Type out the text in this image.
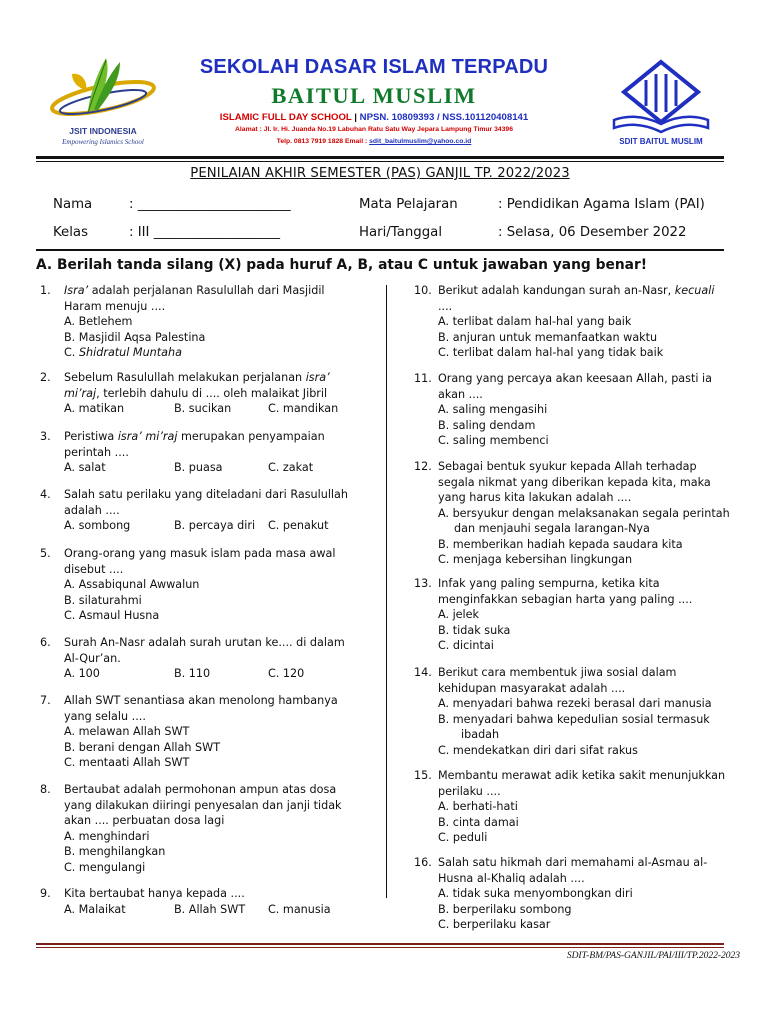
JSIT INDONESIA
Empowering Islamics School
SEKOLAH DASAR ISLAM TERPADU
BAITUL MUSLIM
ISLAMIC FULL DAY SCHOOL | NPSN. 10809393 / NSS.101120408141
Alamat : Jl. Ir. Hi. Juanda No.19 Labuhan Ratu Satu Way Jepara Lampung Timur 34396
Telp. 0813 7919 1828 Email : sdit_baitulmuslim@yahoo.co.id	SDIT BAITUL MUSLIM
PENILAIAN AKHIR SEMESTER (PAS) GANJIL TP. 2022/2023
Nama	: _______________________
Kelas	: III ___________________
Mata Pelajaran	: Pendidikan Agama Islam (PAI)
Hari/Tanggal	: Selasa, 06 Desember 2022
A. Berilah tanda silang (X) pada huruf A, B, atau C untuk jawaban yang benar!
1. Isra’ adalah perjalanan Rasulullah dari Masjidil
Haram menuju ....
A. Betlehem
B. Masjidil Aqsa Palestina
C. Shidratul Muntaha
2. Sebelum Rasulullah melakukan perjalanan isra’
mi’raj, terlebih dahulu di .... oleh malaikat Jibril
A. matikan	B. sucikan	C. mandikan
3. Peristiwa isra’ mi’raj merupakan penyampaian
perintah ....
A. salat	B. puasa	C. zakat
4. Salah satu perilaku yang diteladani dari Rasulullah
adalah ....
A. sombong	B. percaya diri C. penakut
5. Orang-orang yang masuk islam pada masa awal
disebut ....
A. Assabiqunal Awwalun
B. silaturahmi
C. Asmaul Husna
6. Surah An-Nasr adalah surah urutan ke.... di dalam
Al-Qur’an.
A. 100	B. 110	C. 120
7. Allah SWT senantiasa akan menolong hambanya
yang selalu ....
A. melawan Allah SWT
B. berani dengan Allah SWT
C. mentaati Allah SWT
8. Bertaubat adalah permohonan ampun atas dosa
yang dilakukan diiringi penyesalan dan janji tidak
akan .... perbuatan dosa lagi
A. menghindari
B. menghilangkan
C. mengulangi
9. Kita bertaubat hanya kepada ....
A. Malaikat	B. Allah SWT C. manusia
10. Berikut adalah kandungan surah an-Nasr, kecuali
....
A. terlibat dalam hal-hal yang baik
B. anjuran untuk memanfaatkan waktu
C. terlibat dalam hal-hal yang tidak baik
11. Orang yang percaya akan keesaan Allah, pasti ia
akan ....
A. saling mengasihi
B. saling dendam
C. saling membenci
12. Sebagai bentuk syukur kepada Allah terhadap
segala nikmat yang diberikan kepada kita, maka
yang harus kita lakukan adalah ....
A. bersyukur dengan melaksanakan segala perintah
dan menjauhi segala larangan-Nya
B. memberikan hadiah kepada saudara kita
C. menjaga kebersihan lingkungan
13. Infak yang paling sempurna, ketika kita
menginfakkan sebagian harta yang paling ....
A. jelek
B. tidak suka
C. dicintai
14. Berikut cara membentuk jiwa sosial dalam
kehidupan masyarakat adalah ....
A. menyadari bahwa rezeki berasal dari manusia
B. menyadari bahwa kepedulian sosial termasuk
ibadah
C. mendekatkan diri dari sifat rakus
15. Membantu merawat adik ketika sakit menunjukkan
perilaku ....
A. berhati-hati
B. cinta damai
C. peduli
16. Salah satu hikmah dari memahami al-Asmau al-
Husna al-Khaliq adalah ....
A. tidak suka menyombongkan diri
B. berperilaku sombong
C. berperilaku kasar
SDIT-BM/PAS-GANJIL/PAI/III/TP.2022-2023
